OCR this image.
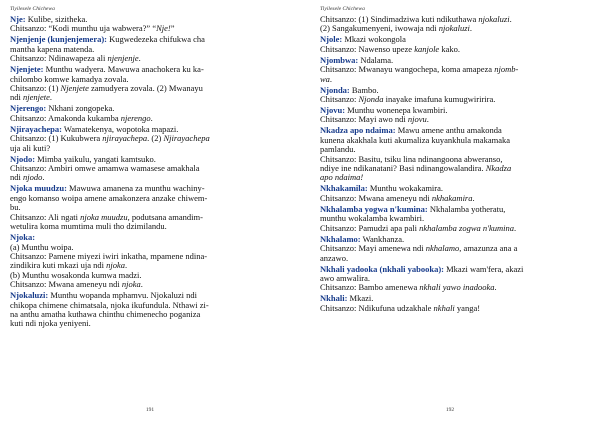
Tiyilesele Chichewa
Nje: Kulibe, sizitheka.
Chitsanzo: “Kodi munthu uja wabwera?” “Nje!”
Njenjenje (kunjenjemera): Kugwedezeka chifukwa cha
mantha kapena matenda.
Chitsanzo: Ndinawapeza ali njenjenje.
Njenjete: Munthu wadyera. Mawuwa anachokera ku ka-
chilombo komwe kamadya zovala.
Chitsanzo: (1) Njenjete zamudyera zovala. (2) Mwanayu
ndi njenjete.
Njerengo: Nkhani zongopeka.
Chitsanzo: Amakonda kukamba njerengo.
Njirayachepa: Wamatekenya, wopotoka mapazi.
Chitsanzo: (1) Kukubwera njirayachepa. (2) Njirayachepa
uja ali kuti?
Njodo: Mimba yaikulu, yangati kamtsuko.
Chitsanzo: Ambiri omwe amamwa wamasese amakhala
ndi njodo.
Njoka muudzu: Mawuwa amanena za munthu wachiny-
engo komanso woipa amene amakonzera anzake chiwem-
bu.
Chitsanzo: Ali ngati njoka muudzu, podutsana amandim-
wetulira koma mumtima muli tho dzimilandu.
Njoka:
(a) Munthu woipa.
Chitsanzo: Pamene miyezi iwiri inkatha, mpamene ndina-
zindikira kuti mkazi uja ndi njoka.
(b) Munthu wosakonda kumwa madzi.
Chitsanzo: Mwana ameneyu ndi njoka.
Njokaluzi: Munthu wopanda mphamvu. Njokaluzi ndi
chikopa chimene chimatsala, njoka ikufundula. Nthawi zi-
na anthu amatha kuthawa chinthu chimenecho poganiza
kuti ndi njoka yeniyeni.
191
Tiyilesele Chichewa
Chitsanzo: (1) Sindimadziwa kuti ndikuthawa njokaluzi.
(2) Sangakumenyeni, iwowaja ndi njokaluzi.
Njole: Mkazi wokongola
Chitsanzo: Nawenso upeze kanjole kako.
Njombwa: Ndalama.
Chitsanzo: Mwanayu wangochepa, koma amapeza njomb-
wa.
Njonda: Bambo.
Chitsanzo: Njonda inayake imafuna kumugwiririra.
Njovu: Munthu wonenepa kwambiri.
Chitsanzo: Mayi awo ndi njovu.
Nkadza apo ndaima: Mawu amene anthu amakonda
kunena akakhala kuti akumaliza kuyankhula makamaka
pamlandu.
Chitsanzo: Basitu, tsiku lina ndinangoona abweranso,
ndiye ine ndikanatani? Basi ndinangowalandira. Nkadza
apo ndaima!
Nkhakamila: Munthu wokakamira.
Chitsanzo: Mwana ameneyu ndi nkhakamira.
Nkhalamba yogwa n'kumina: Nkhalamba yotheratu,
munthu wokalamba kwambiri.
Chitsanzo: Pamudzi apa pali nkhalamba zogwa n'kumina.
Nkhalamo: Wankhanza.
Chitsanzo: Mayi amenewa ndi nkhalamo, amazunza ana a
anzawo.
Nkhali yadooka (nkhali yabooka): Mkazi wam'fera, akazi
awo amwalira.
Chitsanzo: Bambo amenewa nkhali yawo inadooka.
Nkhali: Mkazi.
Chitsanzo: Ndikufuna udzakhale nkhali yanga!
192
